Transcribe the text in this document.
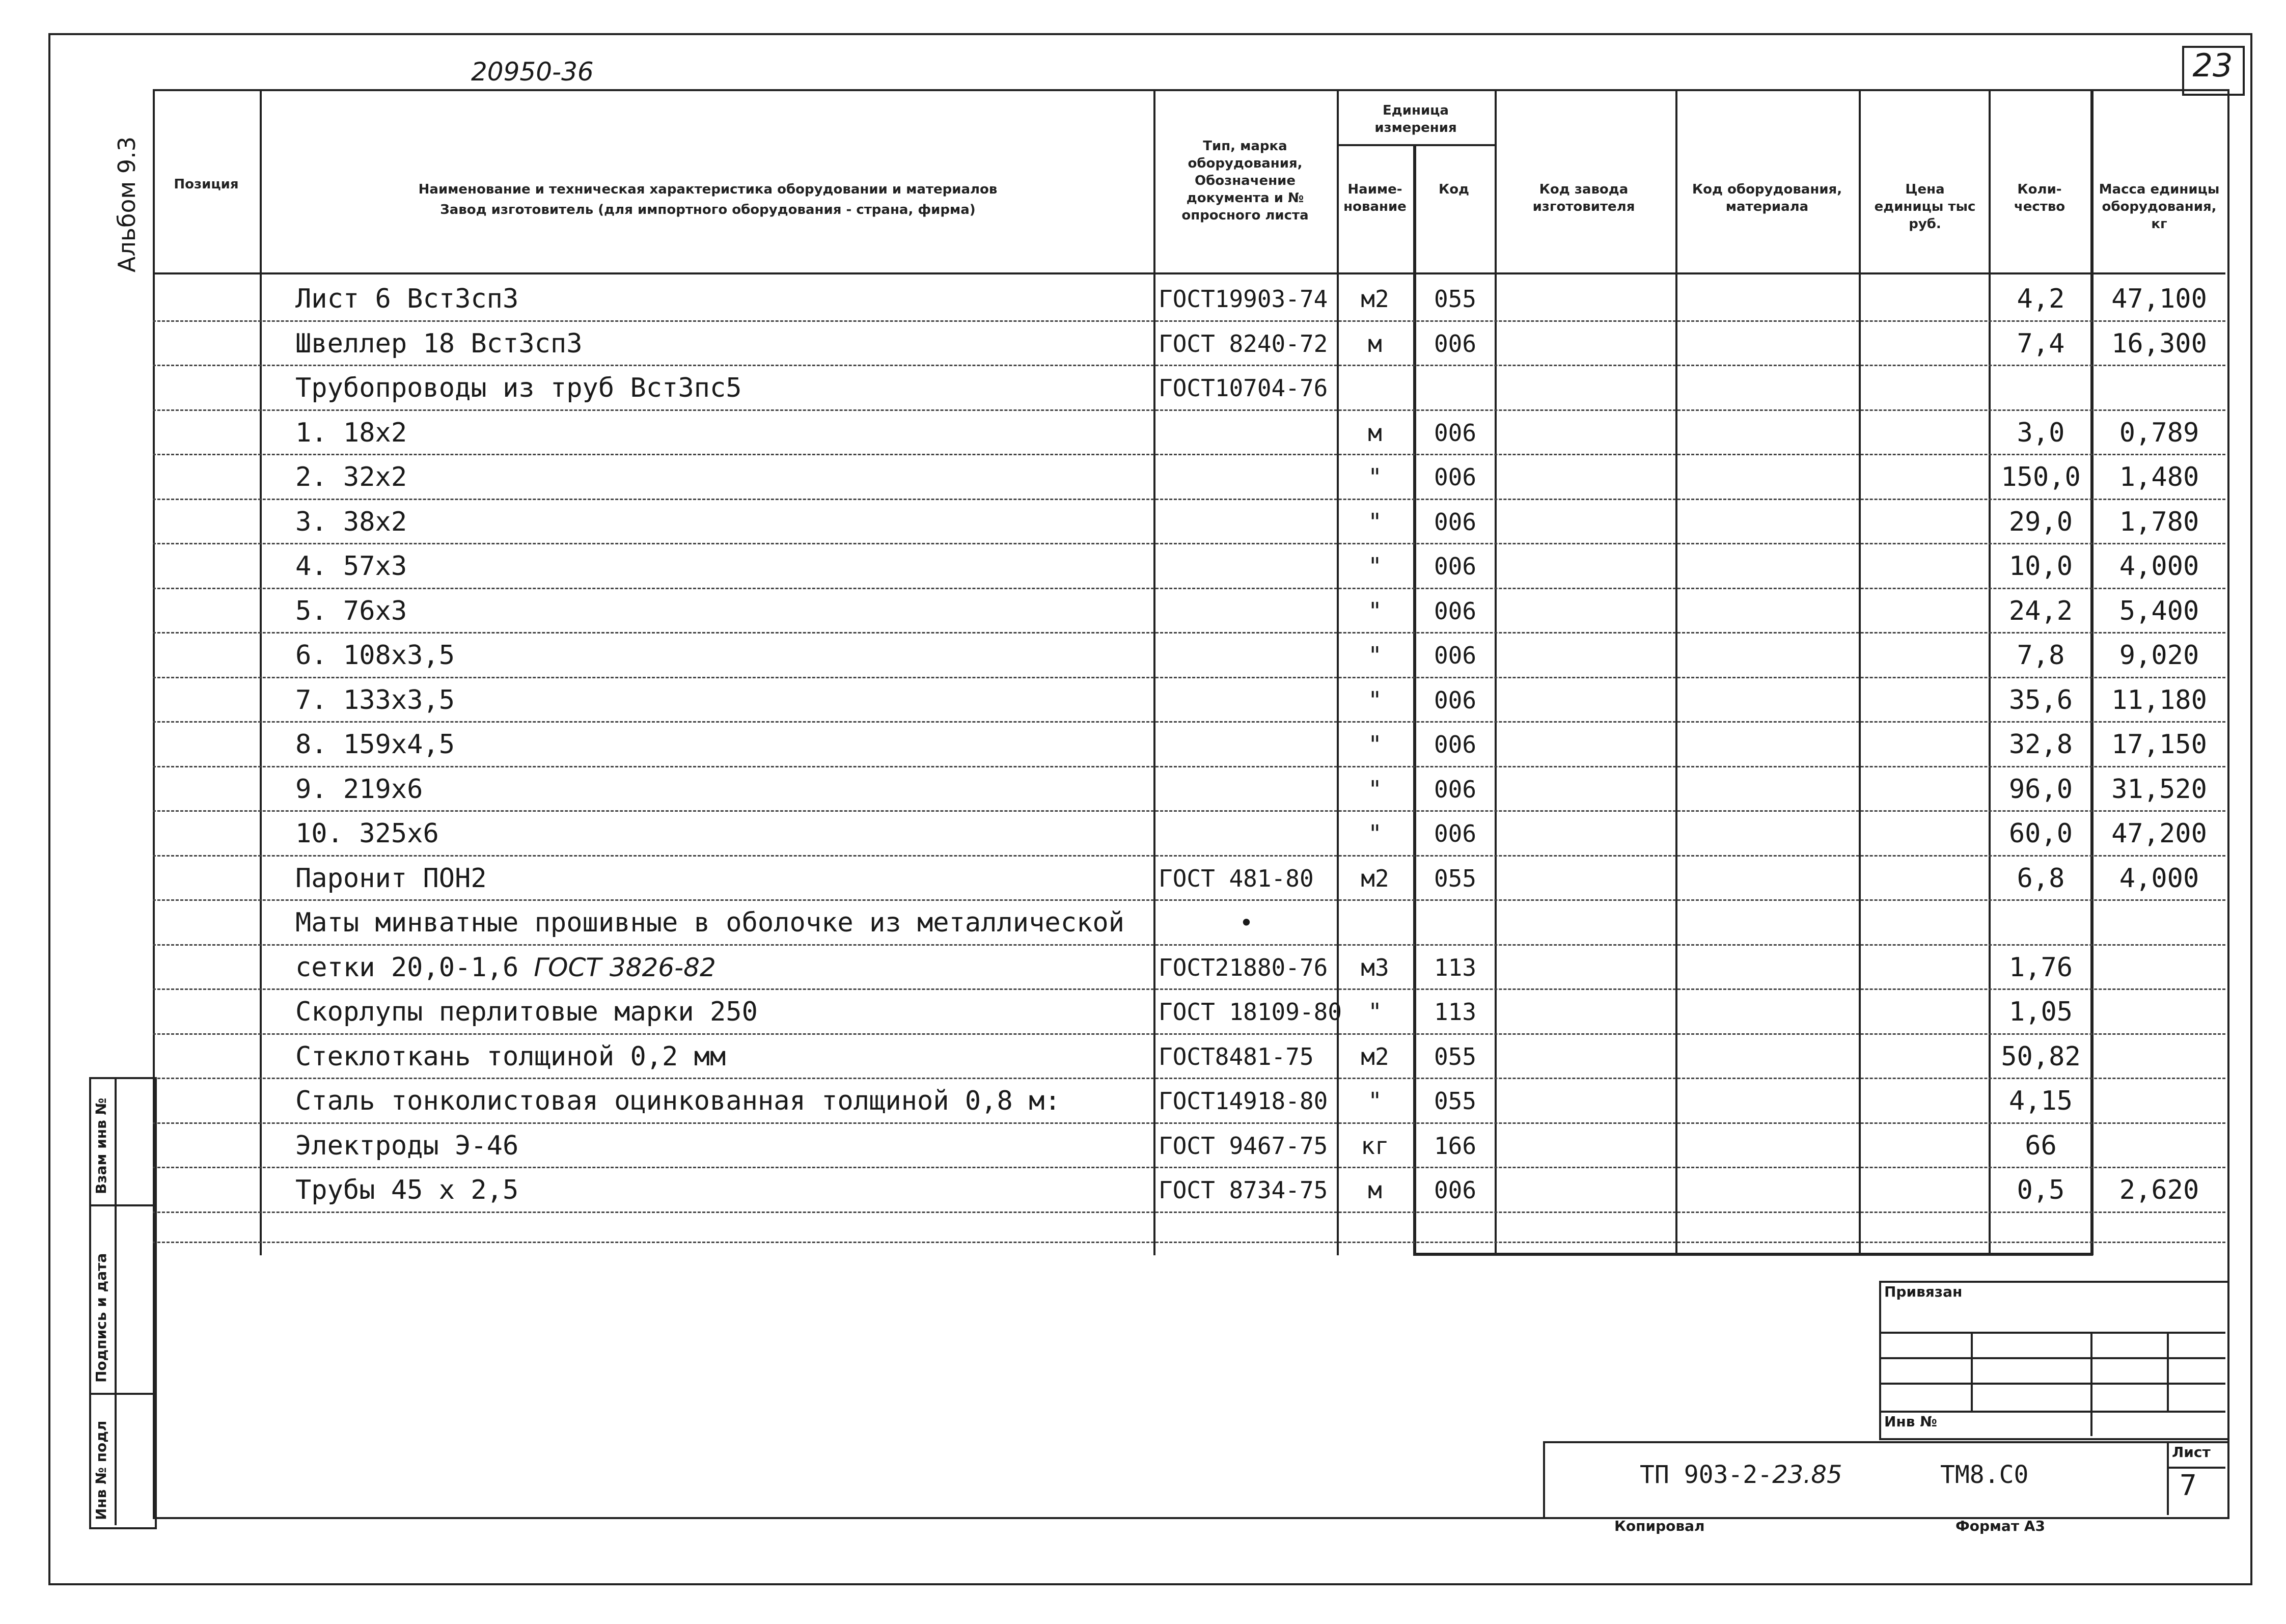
23
20950-36
Альбом 9.3	Позиция	Наименование и техническая характеристика оборудовании и материалов
Завод изготовитель (для импортного оборудования - страна, фирма)
Тип, марка оборудования, Обозначение документа и № опросного листа
Единица измерения
Наиме-нование
Код	Код завода изготовителя
Код оборудования, материала
Цена единицы тыс руб.
Коли-чество
Масса единицы оборудования, кг
Лист 6 ВстЗсп3	ГОСТ19903-74	м2	055	4,2	47,100
Швеллер 18 ВстЗсп3	ГОСТ 8240-72	м	006	7,4	16,300
Трубопроводы из труб ВстЗпс5	ГОСТ10704-76
1. 18х2	м	006	3,0	0,789
2. 32х2	"	006	150,0	1,480
3. 38х2	"	006	29,0	1,780
4. 57х3	"	006	10,0	4,000
5. 76х3	"	006	24,2	5,400
6. 108х3,5	"	006	7,8	9,020
7. 133х3,5	"	006	35,6	11,180
8. 159х4,5	"	006	32,8	17,150
9. 219х6	"	006	96,0	31,520
10. 325х6	"	006	60,0	47,200
Паронит ПОН2	ГОСТ 481-80	м2	055	6,8	4,000
Маты минватные прошивные в оболочке из металлической	•
сетки 20,0-1,6 ГОСТ 3826-82	ГОСТ21880-76	м3	113	1,76
Скорлупы перлитовые марки 250	ГОСТ 18109-80	"	113	1,05
Стеклоткань толщиной 0,2 мм	ГОСТ8481-75	м2	055	50,82
Сталь тонколистовая оцинкованная толщиной 0,8 м:	ГОСТ14918-80	"	055	4,15
Электроды Э-46	ГОСТ 9467-75	кг	166	66
Трубы 45 х 2,5	ГОСТ 8734-75	м	006	0,5	2,620
Взам инв №
Подпись и дата
Инв № подл
Привязан
Инв №
ТП 903-2-23.85	ТМ8.С0
Лист
7
Копировал	Формат А3
